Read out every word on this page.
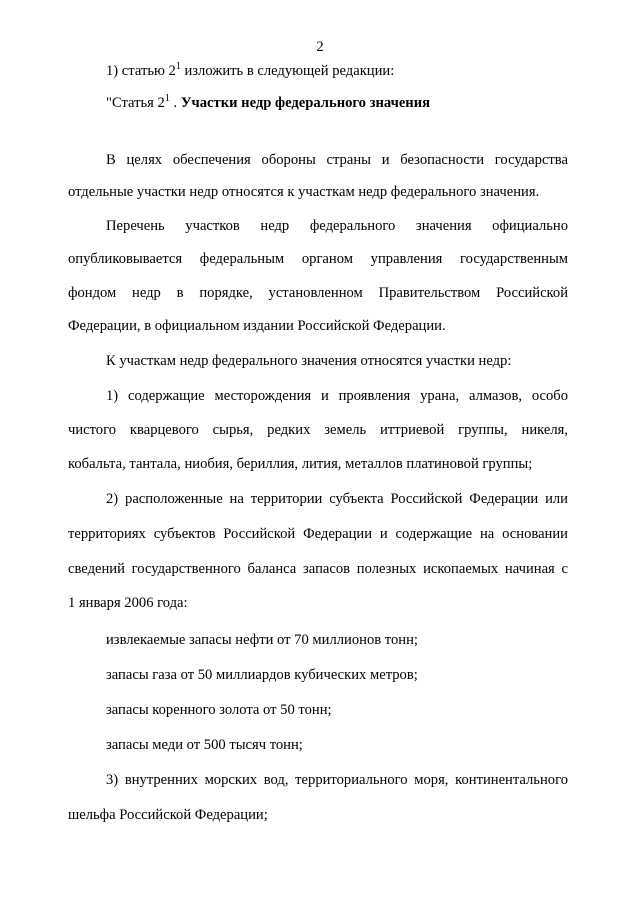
2
1) статью $2^1$ изложить в следующей редакции:
"Статья $2^1$ . Участки недр федерального значения
В целях обеспечения обороны страны и безопасности государства
отдельные участки недр относятся к участкам недр федерального значения.
Перечень участков недр федерального значения официально
опубликовывается федеральным органом управления государственным
фондом недр в порядке, установленном Правительством Российской
Федерации, в официальном издании Российской Федерации.
К участкам недр федерального значения относятся участки недр:
1) содержащие месторождения и проявления урана, алмазов, особо
чистого кварцевого сырья, редких земель иттриевой группы, никеля,
кобальта, тантала, ниобия, бериллия, лития, металлов платиновой группы;
2) расположенные на территории субъекта Российской Федерации или
территориях субъектов Российской Федерации и содержащие на основании
сведений государственного баланса запасов полезных ископаемых начиная с
1 января 2006 года:
извлекаемые запасы нефти от 70 миллионов тонн;
запасы газа от 50 миллиардов кубических метров;
запасы коренного золота от 50 тонн;
запасы меди от 500 тысяч тонн;
3) внутренних морских вод, территориального моря, континентального
шельфа Российской Федерации;
